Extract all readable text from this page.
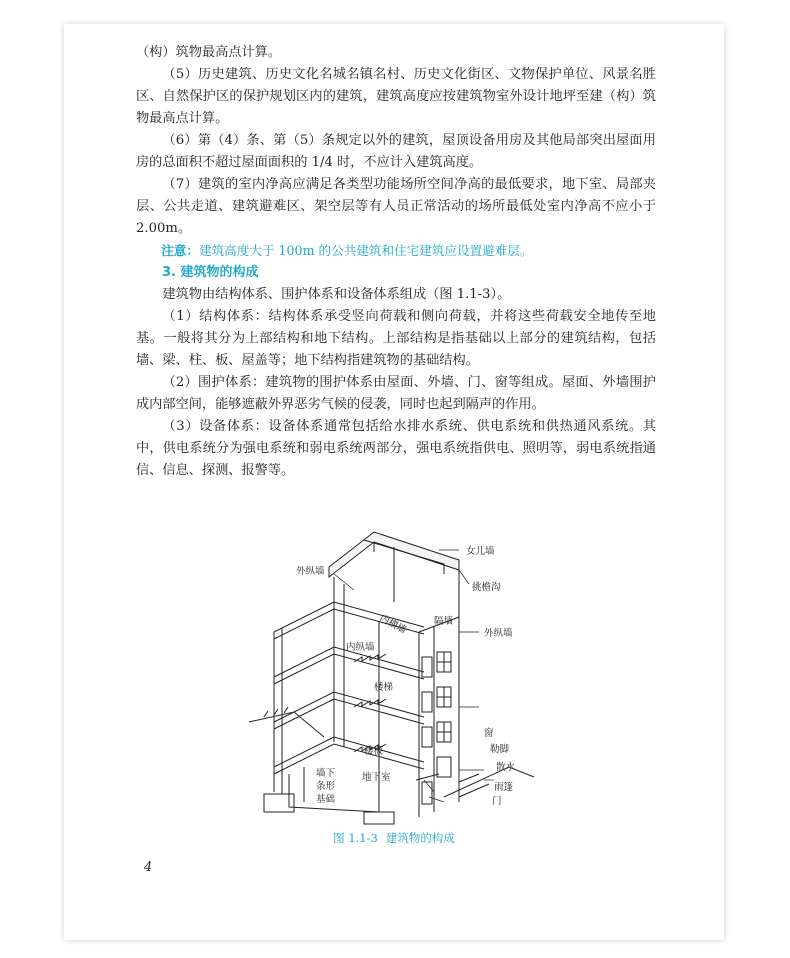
（构）筑物最高点计算。

（5）历史建筑、历史文化名城名镇名村、历史文化街区、文物保护单位、风景名胜区、自然保护区的保护规划区内的建筑，建筑高度应按建筑物室外设计地坪至建（构）筑物最高点计算。

（6）第（4）条、第（5）条规定以外的建筑，屋顶设备用房及其他局部突出屋面用房的总面积不超过屋面面积的 1/4 时，不应计入建筑高度。

（7）建筑的室内净高应满足各类型功能场所空间净高的最低要求，地下室、局部夹层、公共走道、建筑避难区、架空层等有人员正常活动的场所最低处室内净高不应小于 2.00m。

注意：建筑高度大于 100m 的公共建筑和住宅建筑应设置避难层。

3. 建筑物的构成

建筑物由结构体系、围护体系和设备体系组成（图 1.1-3）。

（1）结构体系：结构体系承受竖向荷载和侧向荷载，并将这些荷载安全地传至地基。一般将其分为上部结构和地下结构。上部结构是指基础以上部分的建筑结构，包括墙、梁、柱、板、屋盖等；地下结构指建筑物的基础结构。

（2）围护体系：建筑物的围护体系由屋面、外墙、门、窗等组成。屋面、外墙围护成内部空间，能够遮蔽外界恶劣气候的侵袭，同时也起到隔声的作用。

（3）设备体系：设备体系通常包括给水排水系统、供电系统和供热通风系统。其中，供电系统分为强电系统和弱电系统两部分，强电系统指供电、照明等，弱电系统指通信、信息、探测、报警等。

女儿墙
挑檐沟
外纵墙
内横墙	隔墙
外纵墙
内纵墙
楼梯
窗
勒脚
散水
楼板
墙下
条形
基础
地下室
雨篷
门
图 1.1-3 建筑物的构成
4
